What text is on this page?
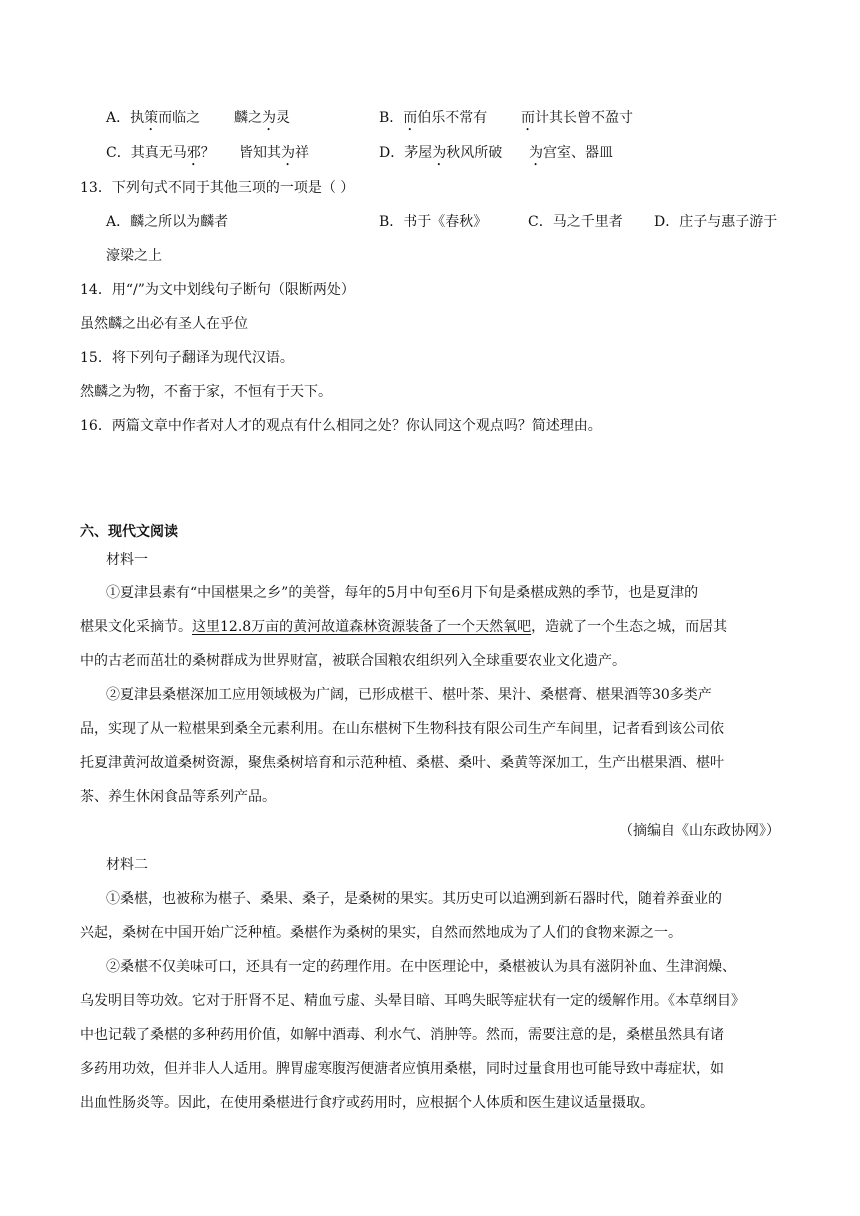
A．执策而临之 麟之为灵	B．而伯乐不常有 而计其长曾不盈寸
C．其真无马邪？ 皆知其为祥	D．茅屋为秋风所破 为宫室、器皿
13．下列句式不同于其他三项的一项是（ ）
A．麟之所以为麟者	B．书于《春秋》	C．马之千里者 D．庄子与惠子游于
濠梁之上
14．用“/”为文中划线句子断句（限断两处）
虽然麟之出必有圣人在乎位
15．将下列句子翻译为现代汉语。
然麟之为物，不畜于家，不恒有于天下。
16．两篇文章中作者对人才的观点有什么相同之处？你认同这个观点吗？简述理由。
六、现代文阅读
材料一
①夏津县素有“中国椹果之乡”的美誉，每年的5月中旬至6月下旬是桑椹成熟的季节，也是夏津的
椹果文化采摘节。这里12.8万亩的黄河故道森林资源装备了一个天然氧吧，造就了一个生态之城，而居其
中的古老而茁壮的桑树群成为世界财富，被联合国粮农组织列入全球重要农业文化遗产。
②夏津县桑椹深加工应用领域极为广阔，已形成椹干、椹叶茶、果汁、桑椹膏、椹果酒等30多类产
品，实现了从一粒椹果到桑全元素利用。在山东椹树下生物科技有限公司生产车间里，记者看到该公司依
托夏津黄河故道桑树资源，聚焦桑树培育和示范种植、桑椹、桑叶、桑黄等深加工，生产出椹果酒、椹叶
茶、养生休闲食品等系列产品。
（摘编自《山东政协网》）
材料二
①桑椹，也被称为椹子、桑果、桑子，是桑树的果实。其历史可以追溯到新石器时代，随着养蚕业的
兴起，桑树在中国开始广泛种植。桑椹作为桑树的果实，自然而然地成为了人们的食物来源之一。
②桑椹不仅美味可口，还具有一定的药理作用。在中医理论中，桑椹被认为具有滋阴补血、生津润燥、
乌发明目等功效。它对于肝肾不足、精血亏虚、头晕目暗、耳鸣失眠等症状有一定的缓解作用。《本草纲目》
中也记载了桑椹的多种药用价值，如解中酒毒、利水气、消肿等。然而，需要注意的是，桑椹虽然具有诸
多药用功效，但并非人人适用。脾胃虚寒腹泻便溏者应慎用桑椹，同时过量食用也可能导致中毒症状，如
出血性肠炎等。因此，在使用桑椹进行食疗或药用时，应根据个人体质和医生建议适量摄取。
